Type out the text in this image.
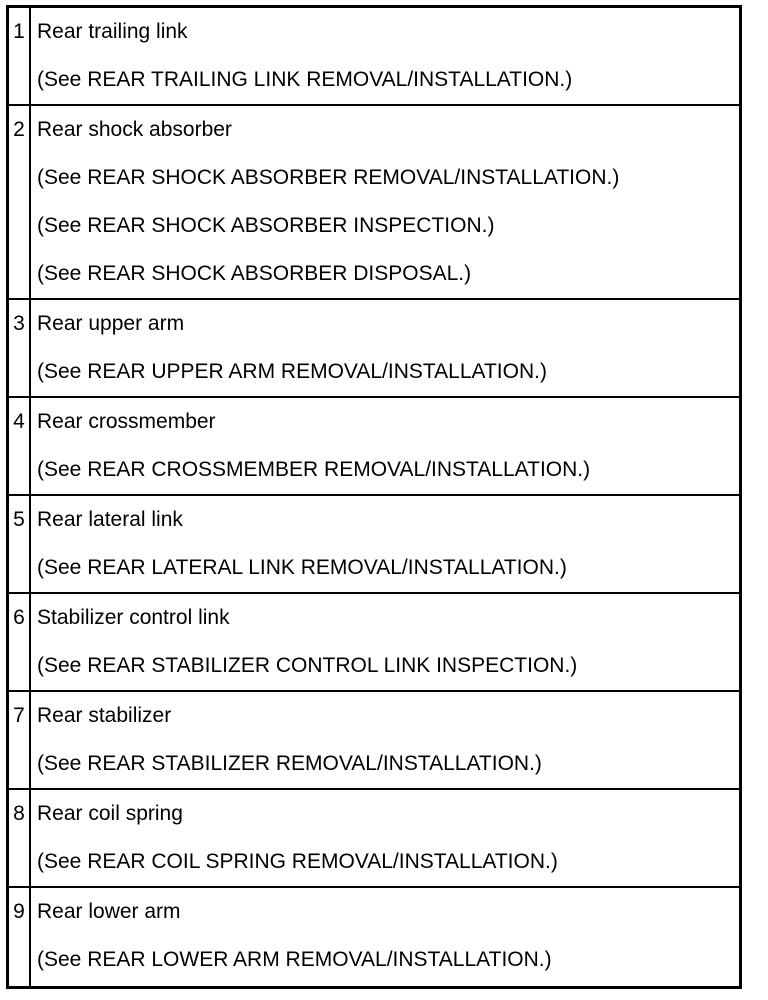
1	Rear trailing link
(See REAR TRAILING LINK REMOVAL/INSTALLATION.)

2	Rear shock absorber
(See REAR SHOCK ABSORBER REMOVAL/INSTALLATION.)
(See REAR SHOCK ABSORBER INSPECTION.)
(See REAR SHOCK ABSORBER DISPOSAL.)

3	Rear upper arm
(See REAR UPPER ARM REMOVAL/INSTALLATION.)

4	Rear crossmember
(See REAR CROSSMEMBER REMOVAL/INSTALLATION.)

5	Rear lateral link
(See REAR LATERAL LINK REMOVAL/INSTALLATION.)

6	Stabilizer control link
(See REAR STABILIZER CONTROL LINK INSPECTION.)

7	Rear stabilizer
(See REAR STABILIZER REMOVAL/INSTALLATION.)

8	Rear coil spring
(See REAR COIL SPRING REMOVAL/INSTALLATION.)

9	Rear lower arm
(See REAR LOWER ARM REMOVAL/INSTALLATION.)
